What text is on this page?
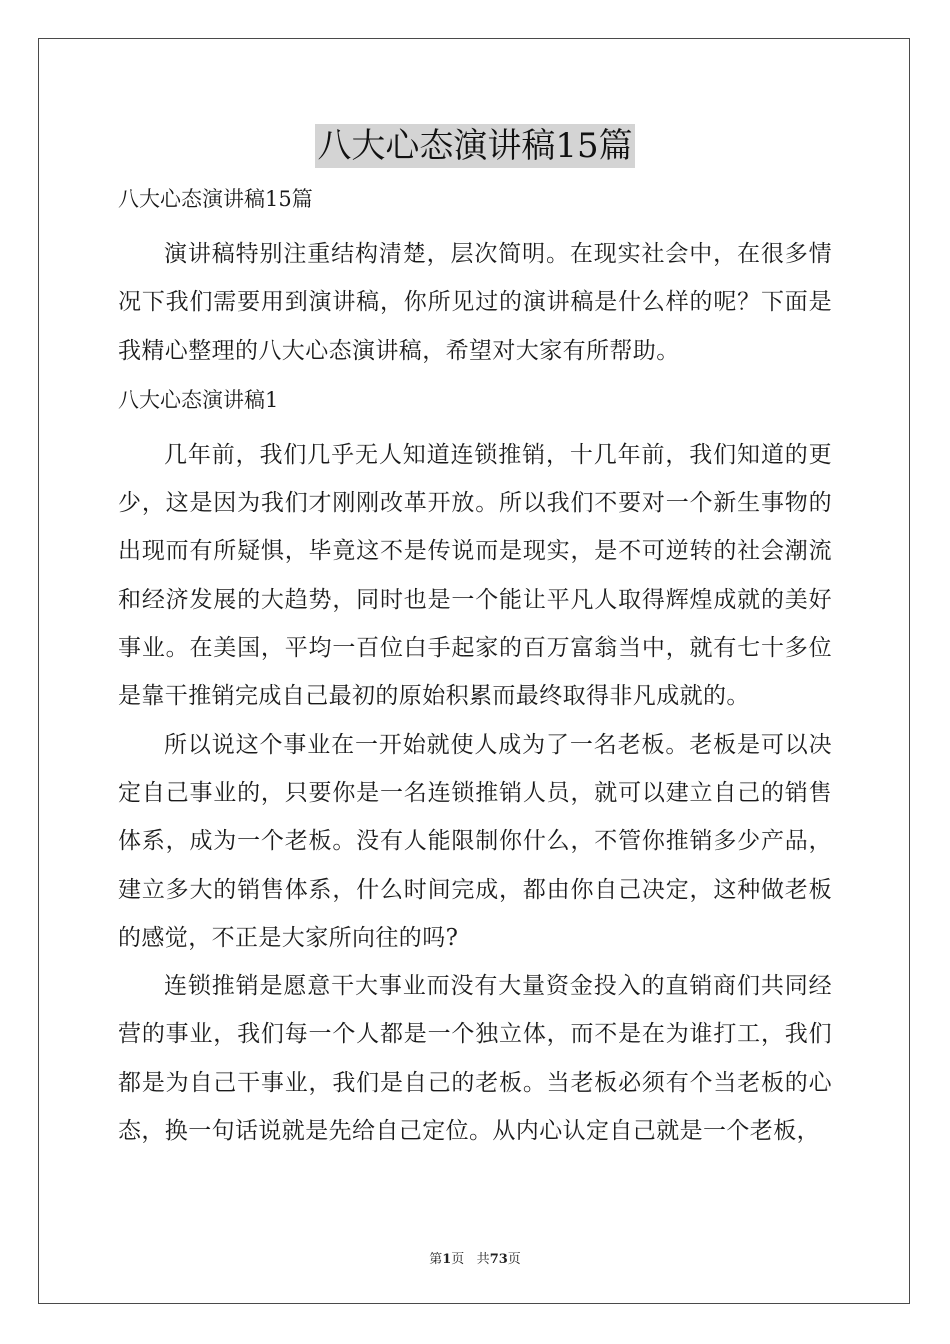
八大心态演讲稿15篇

八大心态演讲稿15篇

演讲稿特别注重结构清楚，层次简明。在现实社会中，在很多情况下我们需要用到演讲稿，你所见过的演讲稿是什么样的呢？下面是我精心整理的八大心态演讲稿，希望对大家有所帮助。

八大心态演讲稿1

几年前，我们几乎无人知道连锁推销，十几年前，我们知道的更少，这是因为我们才刚刚改革开放。所以我们不要对一个新生事物的出现而有所疑惧，毕竟这不是传说而是现实，是不可逆转的社会潮流和经济发展的大趋势，同时也是一个能让平凡人取得辉煌成就的美好事业。在美国，平均一百位白手起家的百万富翁当中，就有七十多位是靠干推销完成自己最初的原始积累而最终取得非凡成就的。

所以说这个事业在一开始就使人成为了一名老板。老板是可以决定自己事业的，只要你是一名连锁推销人员，就可以建立自己的销售体系，成为一个老板。没有人能限制你什么，不管你推销多少产品，建立多大的销售体系，什么时间完成，都由你自己决定，这种做老板的感觉，不正是大家所向往的吗?

连锁推销是愿意干大事业而没有大量资金投入的直销商们共同经营的事业，我们每一个人都是一个独立体，而不是在为谁打工，我们都是为自己干事业，我们是自己的老板。当老板必须有个当老板的心态，换一句话说就是先给自己定位。从内心认定自己就是一个老板，

第1页 共73页
